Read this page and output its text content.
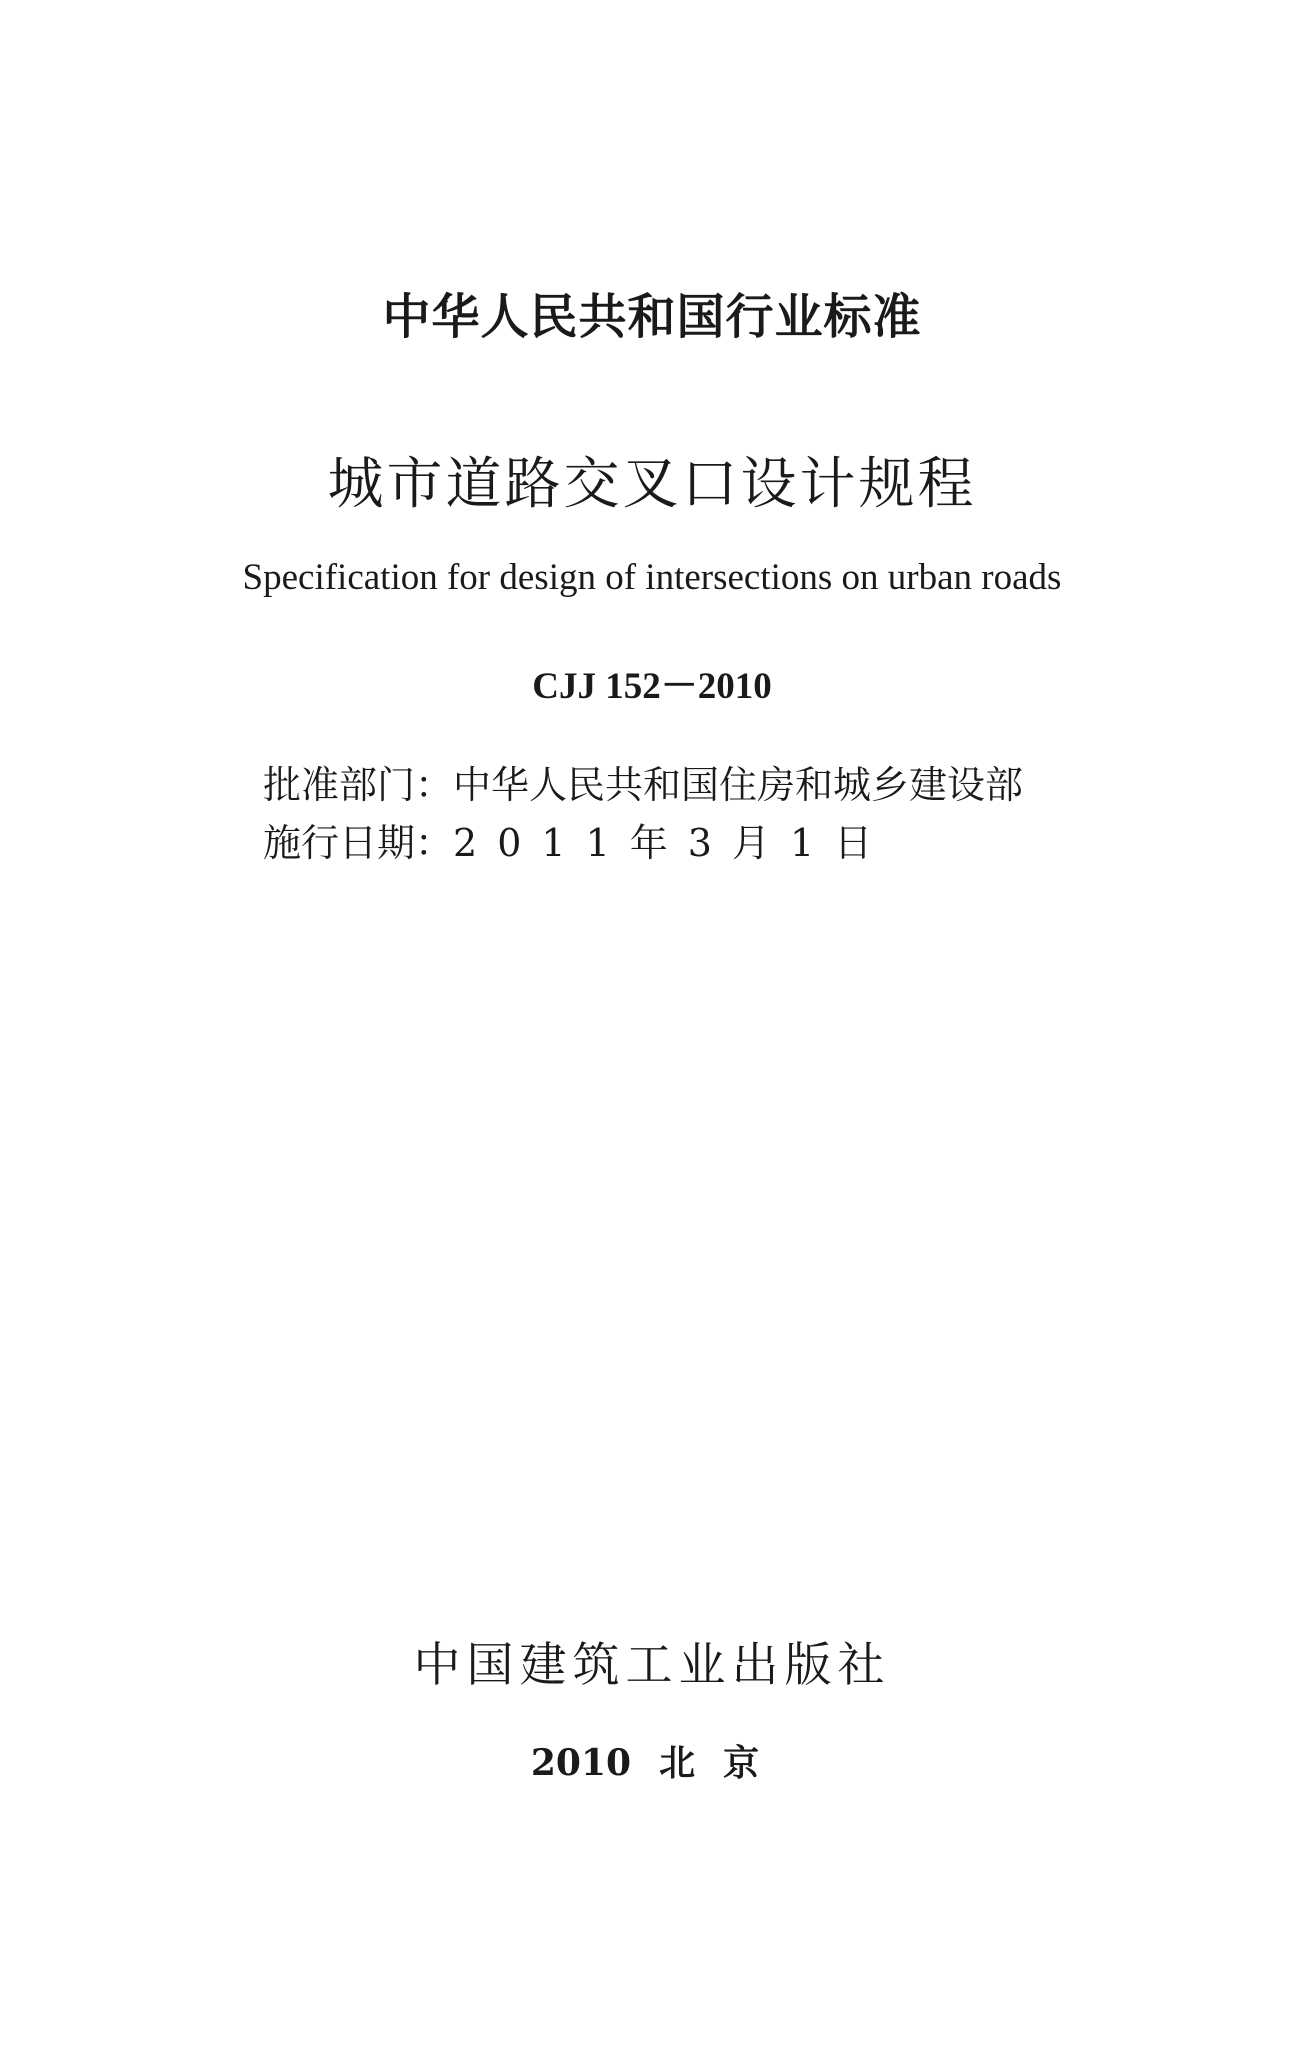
中华人民共和国行业标准
城市道路交叉口设计规程
Specification for design of intersections on urban roads
CJJ 152－2010
批准部门：中华人民共和国住房和城乡建设部
施行日期：2 0 1 1 年 3 月 1 日
中国建筑工业出版社
2010 北 京
